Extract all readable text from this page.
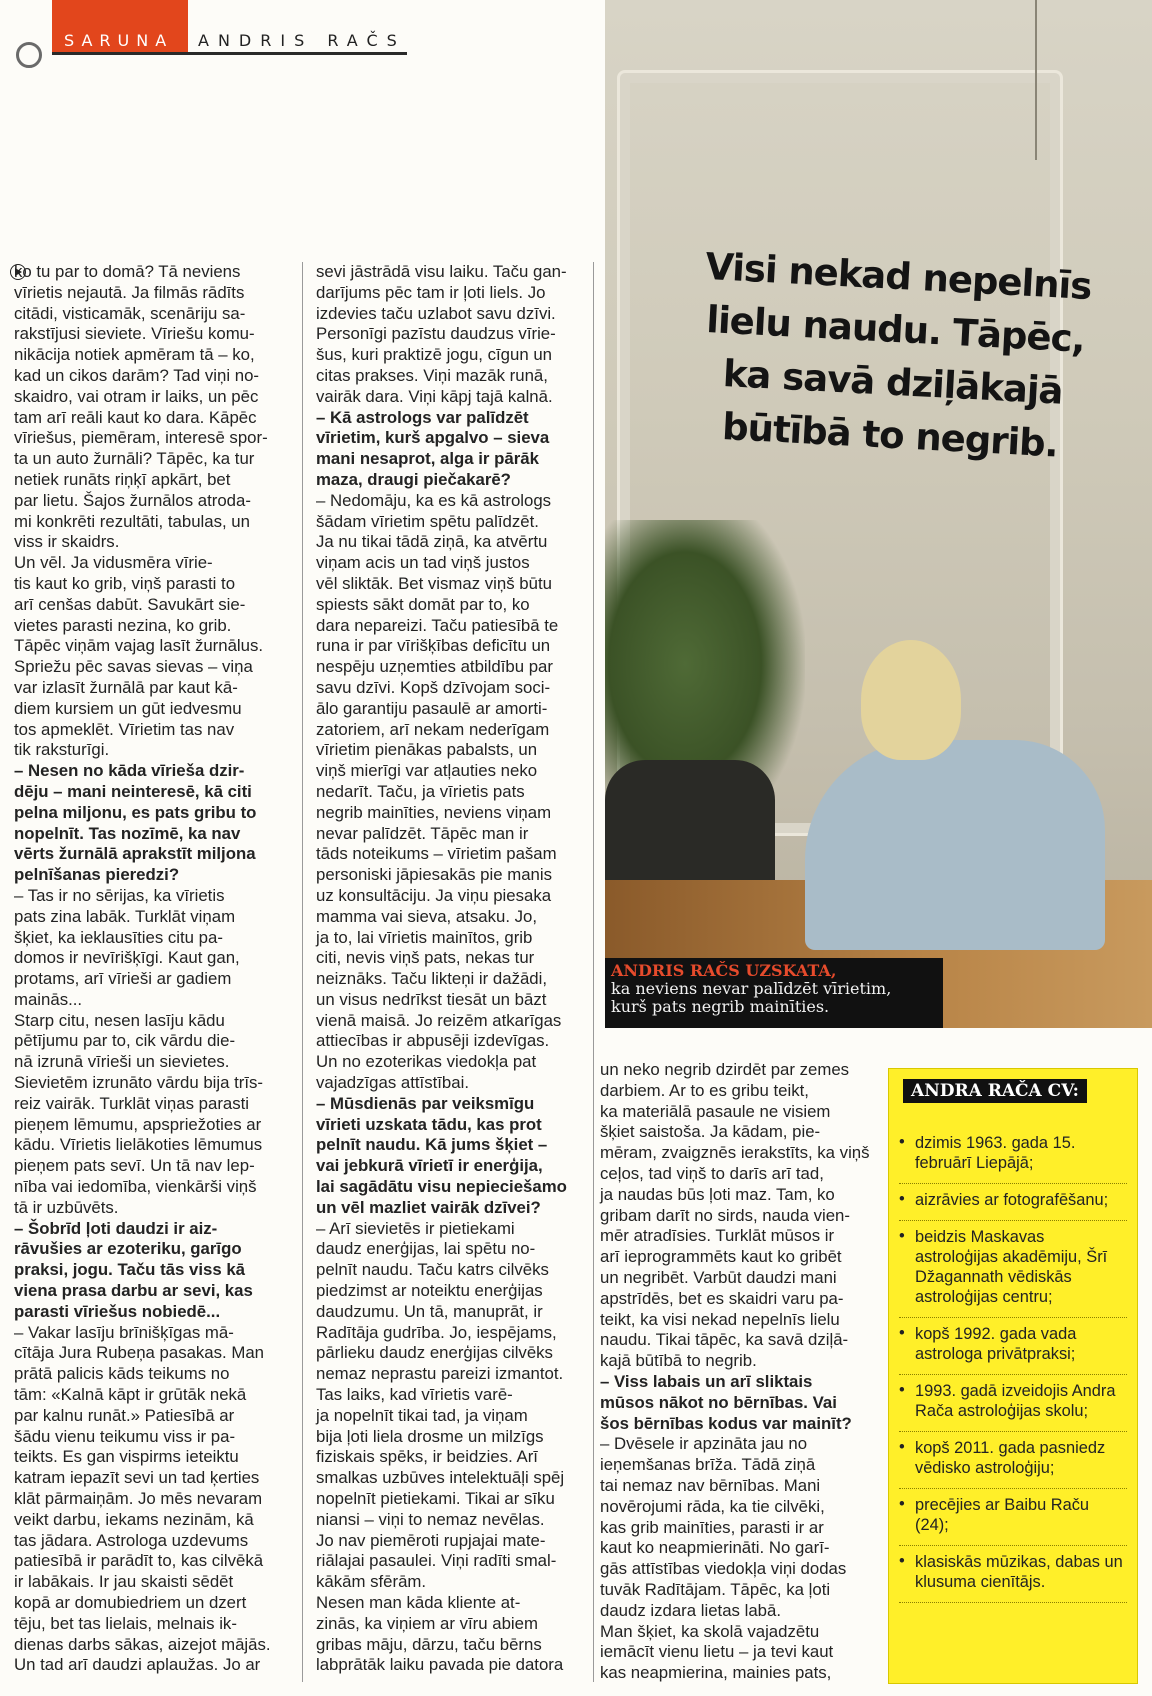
SARUNA ANDRIS RAČS
Visi nekad nepelnīs
lielu naudu. Tāpēc,
ka savā dziļākajā
būtībā to negrib.
ANDRIS RAČS UZSKATA,
ka neviens nevar palīdzēt vīrietim,
kurš pats negrib mainīties.

ko tu par to domā? Tā neviens

vīrietis nejautā. Ja filmās rādīts

citādi, visticamāk, scenāriju sa-

rakstījusi sieviete. Vīriešu komu-

nikācija notiek apmēram tā – ko,

kad un cikos darām? Tad viņi no-

skaidro, vai otram ir laiks, un pēc

tam arī reāli kaut ko dara. Kāpēc

vīriešus, piemēram, interesē spor-

ta un auto žurnāli? Tāpēc, ka tur

netiek runāts riņķī apkārt, bet

par lietu. Šajos žurnālos atroda-

mi konkrēti rezultāti, tabulas, un

viss ir skaidrs.

Un vēl. Ja vidusmēra vīrie-

tis kaut ko grib, viņš parasti to

arī cenšas dabūt. Savukārt sie-

vietes parasti nezina, ko grib.

Tāpēc viņām vajag lasīt žurnālus.

Spriežu pēc savas sievas – viņa

var izlasīt žurnālā par kaut kā-

diem kursiem un gūt iedvesmu

tos apmeklēt. Vīrietim tas nav

tik raksturīgi.

– Nesen no kāda vīrieša dzir-

dēju – mani neinteresē, kā citi

pelna miljonu, es pats gribu to

nopelnīt. Tas nozīmē, ka nav

vērts žurnālā aprakstīt miljona

pelnīšanas pieredzi?

– Tas ir no sērijas, ka vīrietis

pats zina labāk. Turklāt viņam

šķiet, ka ieklausīties citu pa-

domos ir nevīrišķīgi. Kaut gan,

protams, arī vīrieši ar gadiem

mainās...

Starp citu, nesen lasīju kādu

pētījumu par to, cik vārdu die-

nā izrunā vīrieši un sievietes.

Sievietēm izrunāto vārdu bija trīs-

reiz vairāk. Turklāt viņas parasti

pieņem lēmumu, apspriežoties ar

kādu. Vīrietis lielākoties lēmumus

pieņem pats sevī. Un tā nav lep-

nība vai iedomība, vienkārši viņš

tā ir uzbūvēts.

– Šobrīd ļoti daudzi ir aiz-

rāvušies ar ezoteriku, garīgo

praksi, jogu. Taču tās viss kā

viena prasa darbu ar sevi, kas

parasti vīriešus nobiedē...

– Vakar lasīju brīnišķīgas mā-

cītāja Jura Rubeņa pasakas. Man

prātā palicis kāds teikums no

tām: «Kalnā kāpt ir grūtāk nekā

par kalnu runāt.» Patiesībā ar

šādu vienu teikumu viss ir pa-

teikts. Es gan vispirms ieteiktu

katram iepazīt sevi un tad ķerties

klāt pārmaiņām. Jo mēs nevaram

veikt darbu, iekams nezinām, kā

tas jādara. Astrologa uzdevums

patiesībā ir parādīt to, kas cilvēkā

ir labākais. Ir jau skaisti sēdēt

kopā ar domubiedriem un dzert

tēju, bet tas lielais, melnais ik-

dienas darbs sākas, aizejot mājās.

Un tad arī daudzi aplaužas. Jo ar

sevi jāstrādā visu laiku. Taču gan-

darījums pēc tam ir ļoti liels. Jo

izdevies taču uzlabot savu dzīvi.

Personīgi pazīstu daudzus vīrie-

šus, kuri praktizē jogu, cīgun un

citas prakses. Viņi mazāk runā,

vairāk dara. Viņi kāpj tajā kalnā.

– Kā astrologs var palīdzēt

vīrietim, kurš apgalvo – sieva

mani nesaprot, alga ir pārāk

maza, draugi piečakarē?

– Nedomāju, ka es kā astrologs

šādam vīrietim spētu palīdzēt.

Ja nu tikai tādā ziņā, ka atvērtu

viņam acis un tad viņš justos

vēl sliktāk. Bet vismaz viņš būtu

spiests sākt domāt par to, ko

dara nepareizi. Taču patiesībā te

runa ir par vīrišķības deficītu un

nespēju uzņemties atbildību par

savu dzīvi. Kopš dzīvojam soci-

ālo garantiju pasaulē ar amorti-

zatoriem, arī nekam nederīgam

vīrietim pienākas pabalsts, un

viņš mierīgi var atļauties neko

nedarīt. Taču, ja vīrietis pats

negrib mainīties, neviens viņam

nevar palīdzēt. Tāpēc man ir

tāds noteikums – vīrietim pašam

personiski jāpiesakās pie manis

uz konsultāciju. Ja viņu piesaka

mamma vai sieva, atsaku. Jo,

ja to, lai vīrietis mainītos, grib

citi, nevis viņš pats, nekas tur

neiznāks. Taču likteņi ir dažādi,

un visus nedrīkst tiesāt un bāzt

vienā maisā. Jo reizēm atkarīgas

attiecības ir abpusēji izdevīgas.

Un no ezoterikas viedokļa pat

vajadzīgas attīstībai.

– Mūsdienās par veiksmīgu

vīrieti uzskata tādu, kas prot

pelnīt naudu. Kā jums šķiet –

vai jebkurā vīrietī ir enerģija,

lai sagādātu visu nepieciešamo

un vēl mazliet vairāk dzīvei?

– Arī sievietēs ir pietiekami

daudz enerģijas, lai spētu no-

pelnīt naudu. Taču katrs cilvēks

piedzimst ar noteiktu enerģijas

daudzumu. Un tā, manuprāt, ir

Radītāja gudrība. Jo, iespējams,

pārlieku daudz enerģijas cilvēks

nemaz neprastu pareizi izmantot.

Tas laiks, kad vīrietis varē-

ja nopelnīt tikai tad, ja viņam

bija ļoti liela drosme un milzīgs

fiziskais spēks, ir beidzies. Arī

smalkas uzbūves intelektuāļi spēj

nopelnīt pietiekami. Tikai ar sīku

niansi – viņi to nemaz nevēlas.

Jo nav piemēroti rupjajai mate-

riālajai pasaulei. Viņi radīti smal-

kākām sfērām.

Nesen man kāda kliente at-

zinās, ka viņiem ar vīru abiem

gribas māju, dārzu, taču bērns

labprātāk laiku pavada pie datora

un neko negrib dzirdēt par zemes

darbiem. Ar to es gribu teikt,

ka materiālā pasaule ne visiem

šķiet saistoša. Ja kādam, pie-

mēram, zvaigznēs ierakstīts, ka viņš

ceļos, tad viņš to darīs arī tad,

ja naudas būs ļoti maz. Tam, ko

gribam darīt no sirds, nauda vien-

mēr atradīsies. Turklāt mūsos ir

arī ieprogrammēts kaut ko gribēt

un negribēt. Varbūt daudzi mani

apstrīdēs, bet es skaidri varu pa-

teikt, ka visi nekad nepelnīs lielu

naudu. Tikai tāpēc, ka savā dziļā-

kajā būtībā to negrib.

– Viss labais un arī sliktais

mūsos nākot no bērnības. Vai

šos bērnības kodus var mainīt?

– Dvēsele ir apzināta jau no

ieņemšanas brīža. Tādā ziņā

tai nemaz nav bērnības. Mani

novērojumi rāda, ka tie cilvēki,

kas grib mainīties, parasti ir ar

kaut ko neapmierināti. No garī-

gās attīstības viedokļa viņi dodas

tuvāk Radītājam. Tāpēc, ka ļoti

daudz izdara lietas labā.

Man šķiet, ka skolā vajadzētu

iemācīt vienu lietu – ja tevi kaut

kas neapmierina, mainies pats,

ANDRA RAČA CV:
• dzimis 1963. gada 15. februārī Liepājā;
• aizrāvies ar fotografēšanu;
• beidzis Maskavas astroloģijas akadēmiju, Šrī Džagannath vēdiskās astroloģijas centru;
• kopš 1992. gada vada astrologa privātpraksi;
• 1993. gadā izveidojis Andra Rača astroloģijas skolu;
• kopš 2011. gada pasniedz vēdisko astroloģiju;
• precējies ar Baibu Raču (24);
• klasiskās mūzikas, dabas un klusuma cienītājs.
